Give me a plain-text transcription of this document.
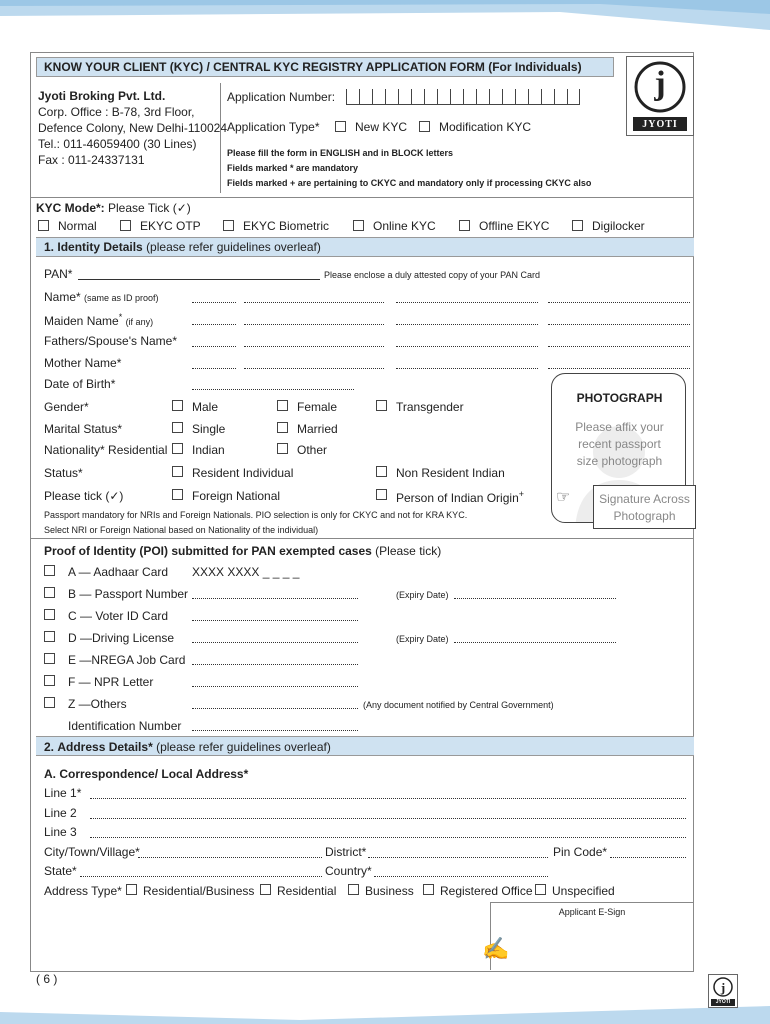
KNOW YOUR CLIENT (KYC) / CENTRAL KYC REGISTRY APPLICATION FORM (For Individuals)	j
JYOTI
Jyoti Broking Pvt. Ltd.
Corp. Office : B-78, 3rd Floor,
Defence Colony, New Delhi-110024
Tel.: 011-46059400 (30 Lines)
Fax : 011-24337131
Application Number:
Application Type*	New KYC	Modification KYC
Please fill the form in ENGLISH and in BLOCK letters
Fields marked * are mandatory
Fields marked + are pertaining to CKYC and mandatory only if processing CKYC also
KYC Mode*: Please Tick (✓)
Normal	EKYC OTP	EKYC Biometric	Online KYC	Offline EKYC	Digilocker
1. Identity Details (please refer guidelines overleaf)
PAN*	Please enclose a duly attested copy of your PAN Card
Name* (same as ID proof)
Maiden Name* (if any)
Fathers/Spouse's Name*
Mother Name*
Date of Birth*
Gender*	Male	Female	Transgender
Marital Status*	Single	Married
Nationality* Residential Indian	Other
Status*	Resident Individual	Non Resident Indian
Please tick (✓)	Foreign National	Person of Indian Origin+
Passport mandatory for NRIs and Foreign Nationals. PIO selection is only for CKYC and not for KRA KYC.
Select NRI or Foreign National based on Nationality of the individual)
PHOTOGRAPH
Please affix your
recent passport
size photograph
☞	Signature Across
Photograph
Proof of Identity (POI) submitted for PAN exempted cases (Please tick)
A — Aadhaar Card XXXX XXXX _ _ _ _
B — Passport Number	(Expiry Date)
C — Voter ID Card
D —Driving License	(Expiry Date)
E —NREGA Job Card
F — NPR Letter
Z —Others	(Any document notified by Central Government)
Identification Number
2. Address Details* (please refer guidelines overleaf)
A. Correspondence/ Local Address*
Line 1*
Line 2
Line 3
City/Town/Village*	District*	Pin Code*
State*	Country*
Address Type* Residential/Business Residential Business Registered Office Unspecified
Applicant E-Sign
✍
( 6 )
j
JYOTI
